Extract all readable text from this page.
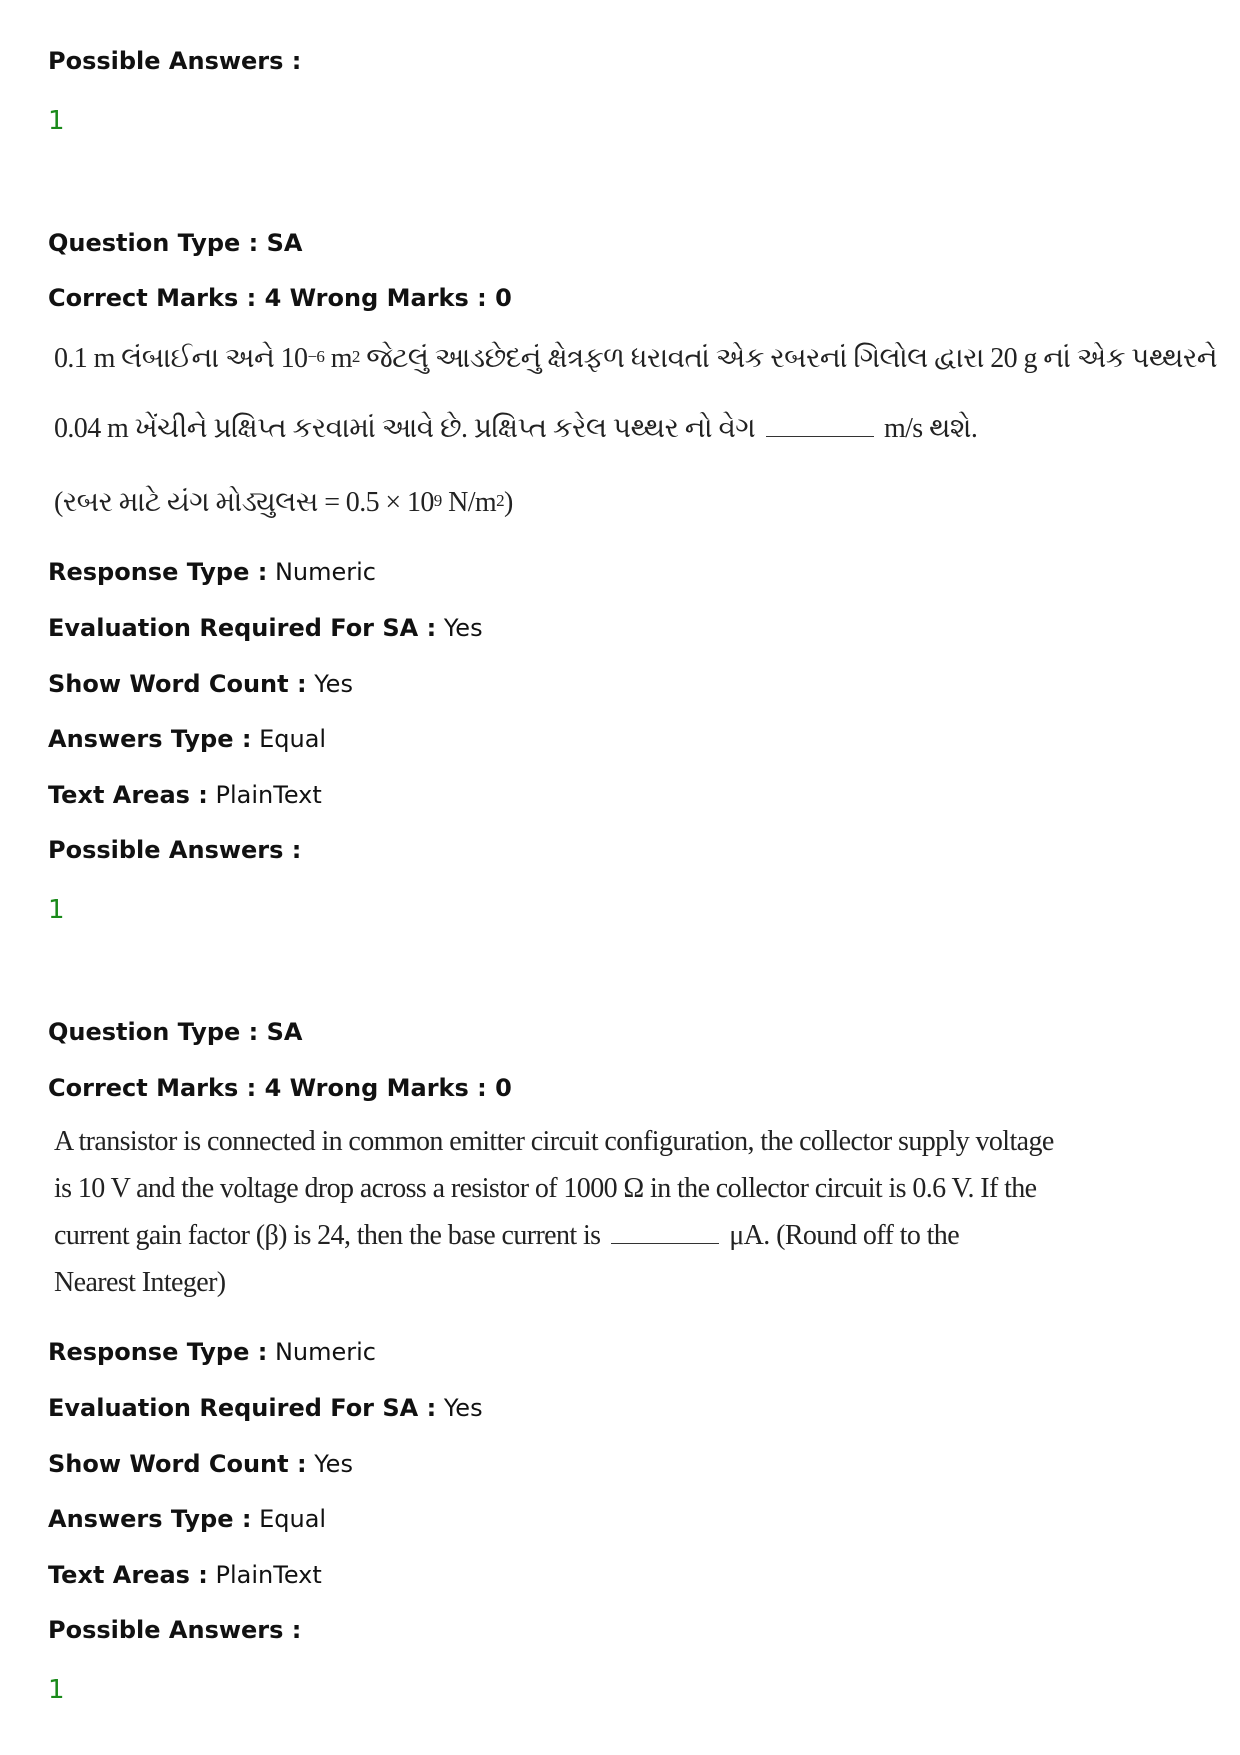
Possible Answers :
1
Question Type : SA
Correct Marks : 4 Wrong Marks : 0
0.1 m લંબાઈના અને $10^{-6}$ $m^2$ જેટલું આડછેદનું ક્ષેત્રફળ ધરાવતાં એક રબરનાં ગિલોલ દ્વારા 20 g નાં એક પથ્થરને
0.04 m ખેંચીને પ્રક્ષિપ્ત કરવામાં આવે છે. પ્રક્ષિપ્ત કરેલ પથ્થર નો વેગ	m/s થશે.
(રબર માટે યંગ મોડ્યુલસ = $0.5 \times 10^9$ $N/m^2$)
Response Type : Numeric
Evaluation Required For SA : Yes
Show Word Count : Yes
Answers Type : Equal
Text Areas : PlainText
Possible Answers :
1
Question Type : SA
Correct Marks : 4 Wrong Marks : 0
A transistor is connected in common emitter circuit configuration, the collector supply voltage
is 10 V and the voltage drop across a resistor of 1000 Ω in the collector circuit is 0.6 V. If the
current gain factor (β) is 24, then the base current is	μA. (Round off to the
Nearest Integer)
Response Type : Numeric
Evaluation Required For SA : Yes
Show Word Count : Yes
Answers Type : Equal
Text Areas : PlainText
Possible Answers :
1
